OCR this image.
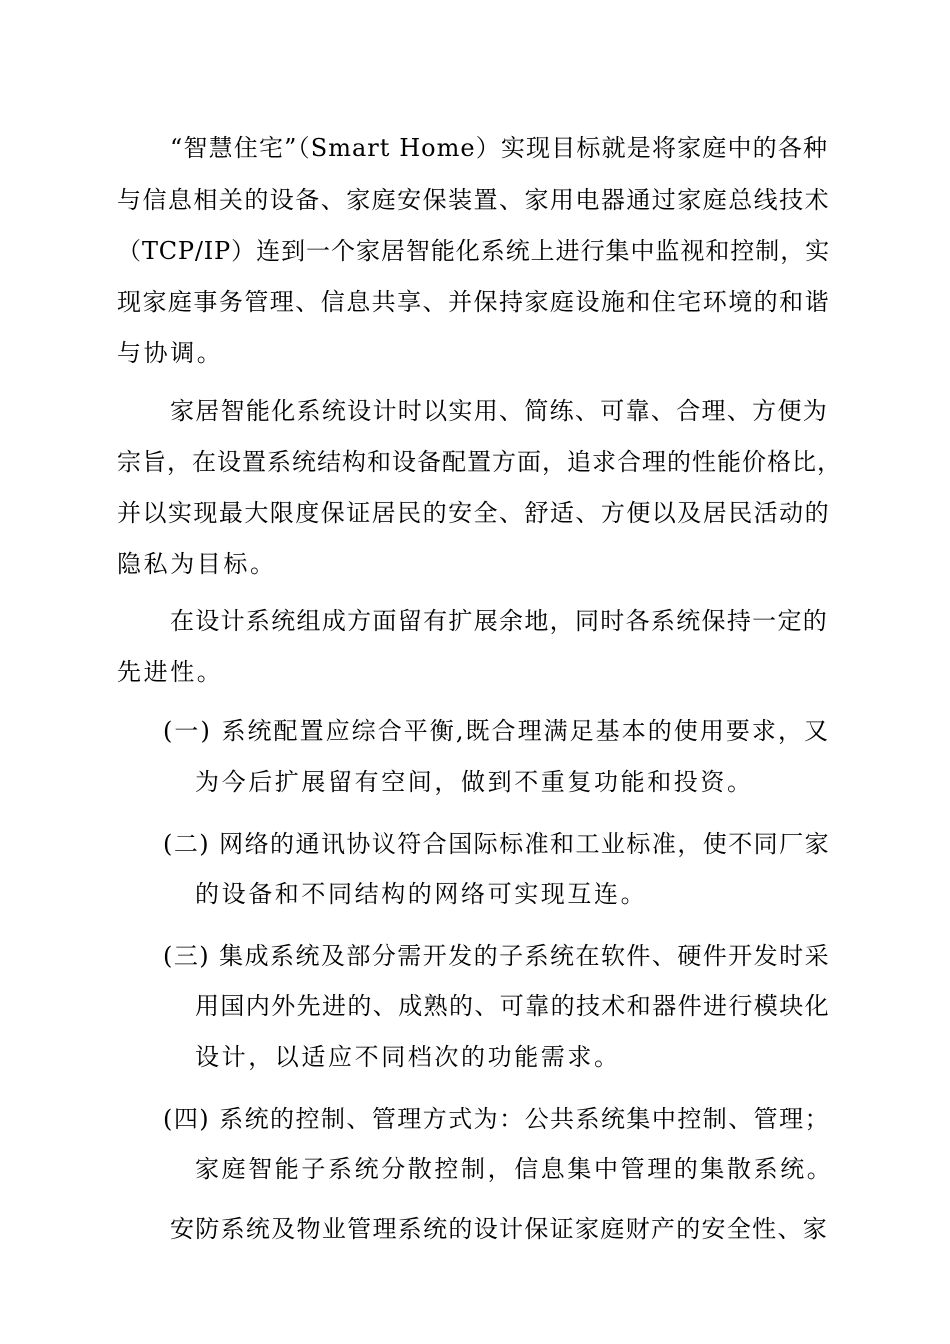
“智慧住宅”（Smart Home）实现目标就是将家庭中的各种
与信息相关的设备、家庭安保装置、家用电器通过家庭总线技术
（TCP/IP）连到一个家居智能化系统上进行集中监视和控制，实
现家庭事务管理、信息共享、并保持家庭设施和住宅环境的和谐
与协调。
家居智能化系统设计时以实用、简练、可靠、合理、方便为
宗旨，在设置系统结构和设备配置方面，追求合理的性能价格比，
并以实现最大限度保证居民的安全、舒适、方便以及居民活动的
隐私为目标。
在设计系统组成方面留有扩展余地，同时各系统保持一定的
先进性。
(一) 系统配置应综合平衡,既合理满足基本的使用要求，又
为今后扩展留有空间，做到不重复功能和投资。
(二) 网络的通讯协议符合国际标准和工业标准，使不同厂家
的设备和不同结构的网络可实现互连。
(三) 集成系统及部分需开发的子系统在软件、硬件开发时采
用国内外先进的、成熟的、可靠的技术和器件进行模块化
设计，以适应不同档次的功能需求。
(四) 系统的控制、管理方式为：公共系统集中控制、管理；
家庭智能子系统分散控制，信息集中管理的集散系统。
安防系统及物业管理系统的设计保证家庭财产的安全性、家
